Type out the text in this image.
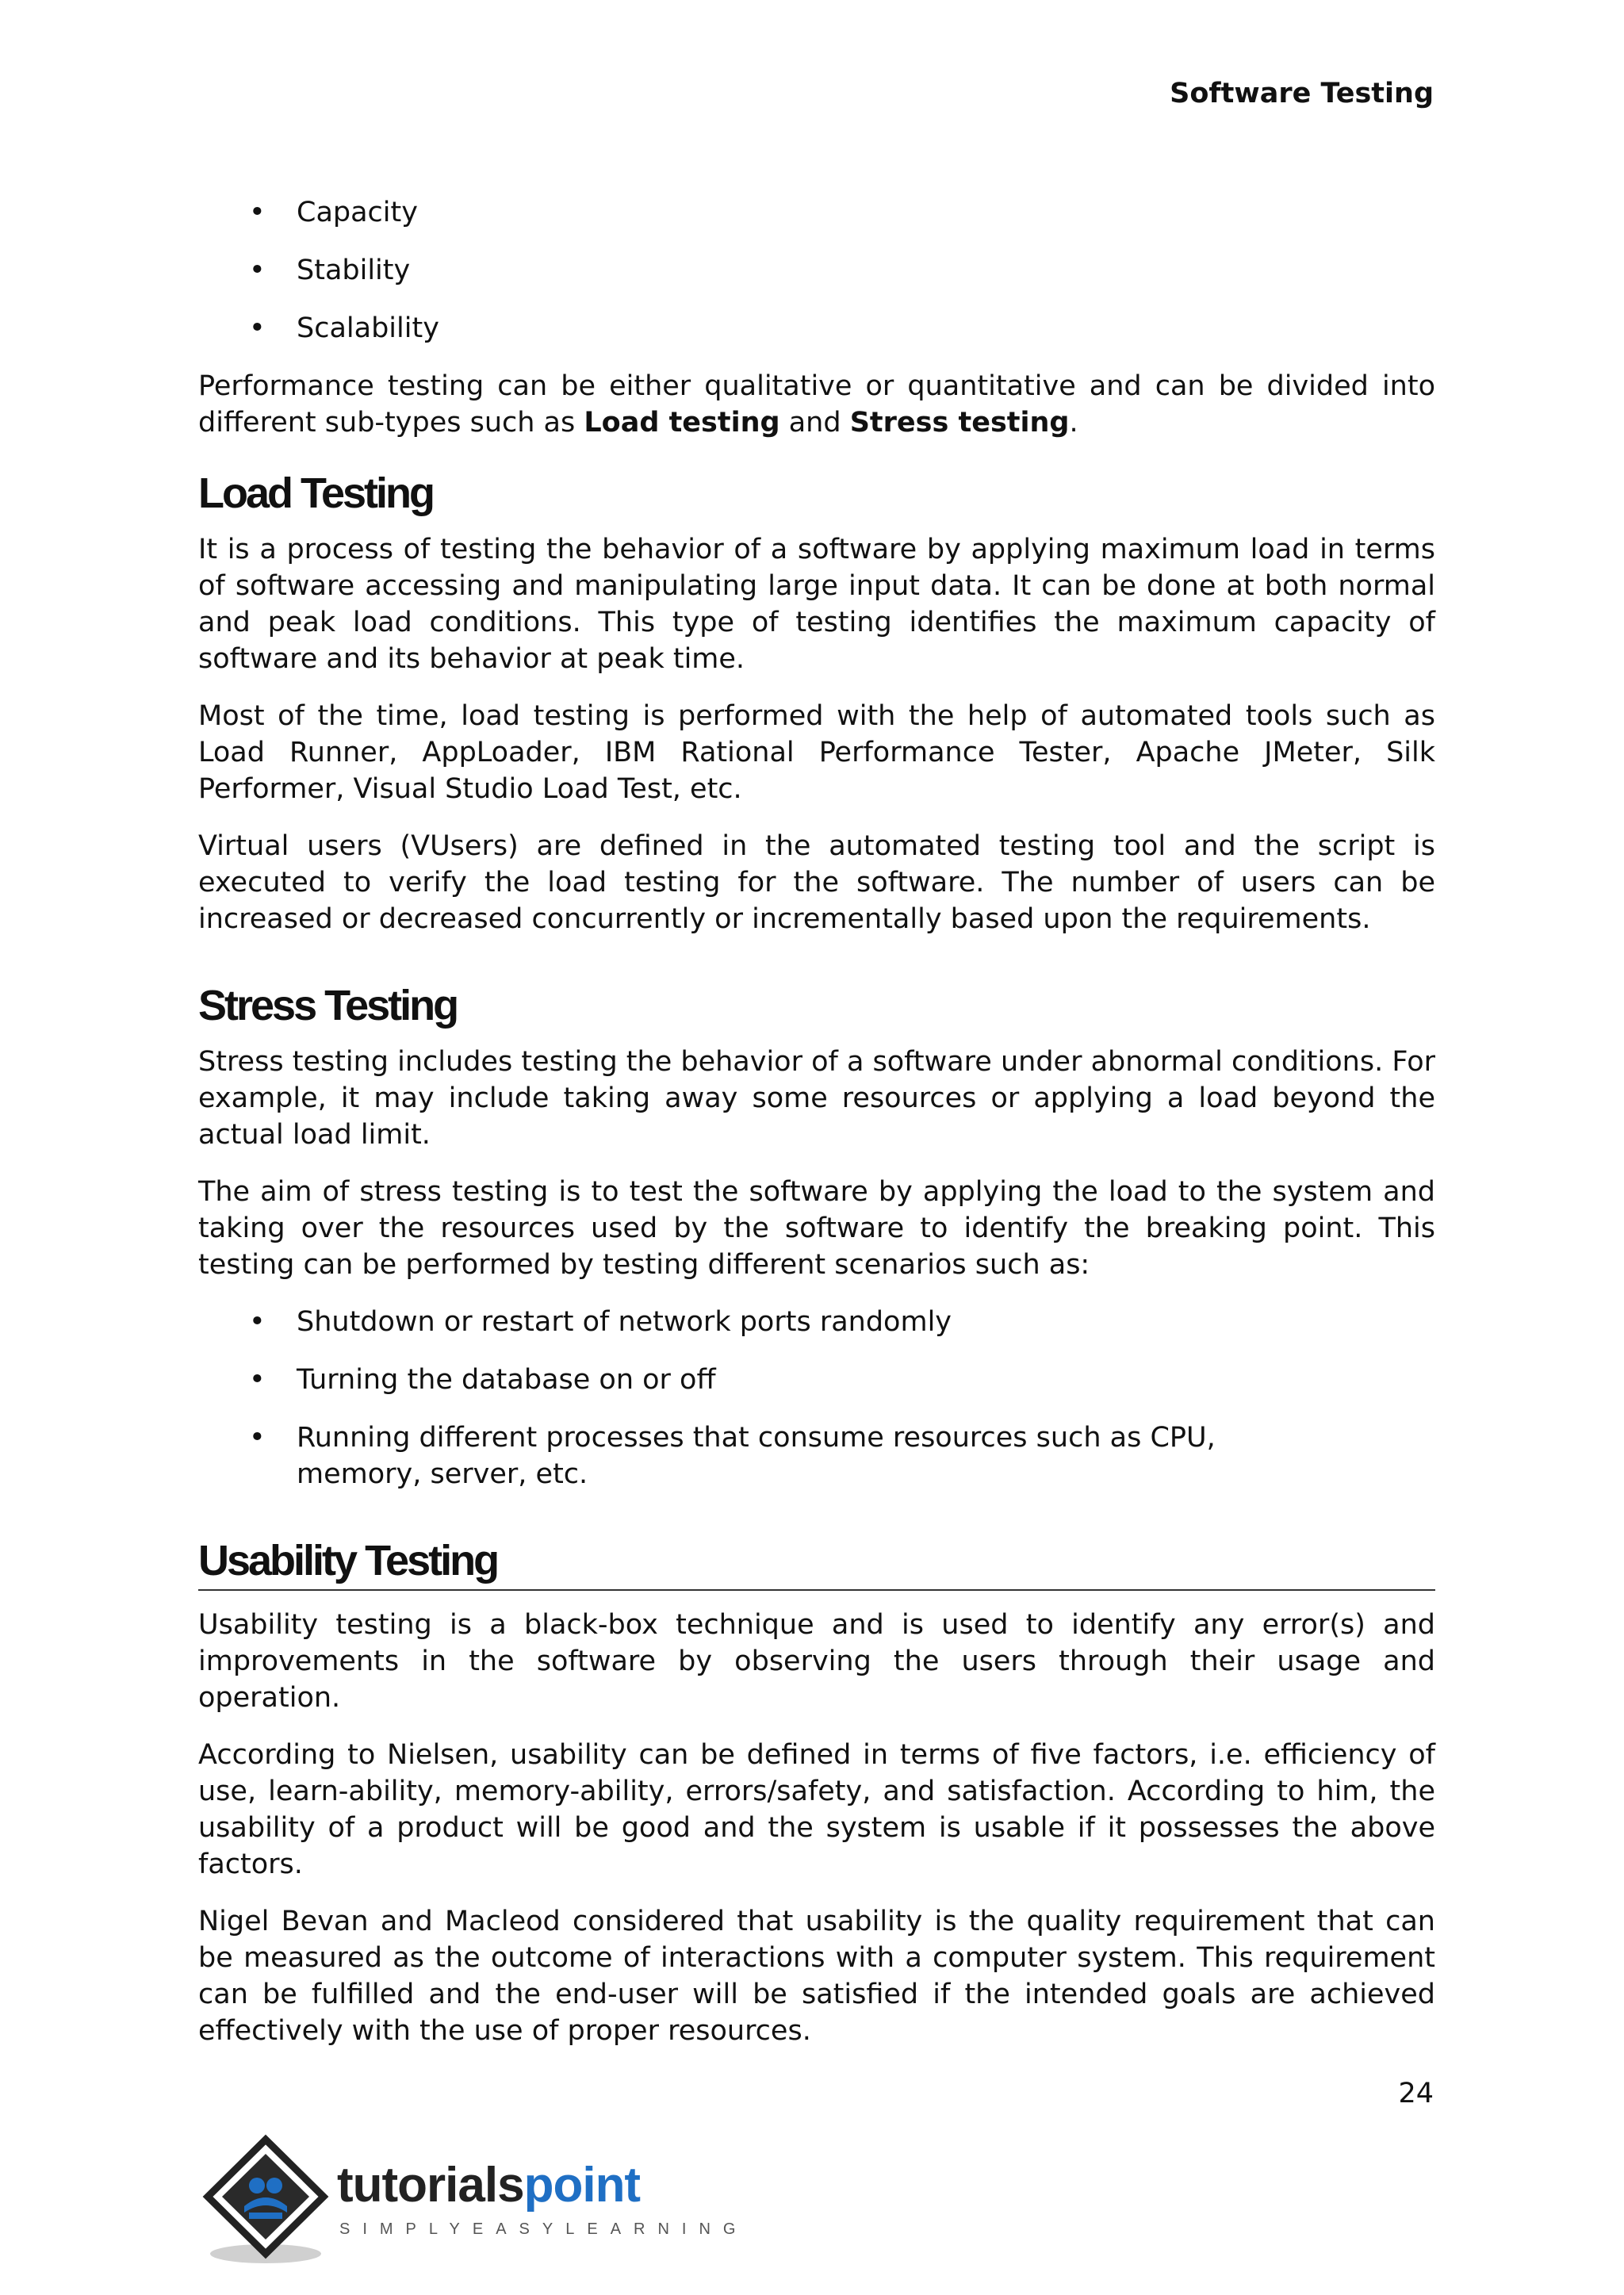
Software Testing
• Capacity
• Stability
• Scalability

Performance testing can be either qualitative or quantitative and can be divided into different sub-types such as Load testing and Stress testing.

Load Testing

It is a process of testing the behavior of a software by applying maximum load in terms of software accessing and manipulating large input data. It can be done at both normal and peak load conditions. This type of testing identifies the maximum capacity of software and its behavior at peak time.

Most of the time, load testing is performed with the help of automated tools such as Load Runner, AppLoader, IBM Rational Performance Tester, Apache JMeter, Silk Performer, Visual Studio Load Test, etc.

Virtual users (VUsers) are defined in the automated testing tool and the script is executed to verify the load testing for the software. The number of users can be increased or decreased concurrently or incrementally based upon the requirements.

Stress Testing

Stress testing includes testing the behavior of a software under abnormal conditions. For example, it may include taking away some resources or applying a load beyond the actual load limit.

The aim of stress testing is to test the software by applying the load to the system and taking over the resources used by the software to identify the breaking point. This testing can be performed by testing different scenarios such as:

• Shutdown or restart of network ports randomly
• Turning the database on or off
• Running different processes that consume resources such as CPU, memory, server, etc.
Usability Testing

Usability testing is a black-box technique and is used to identify any error(s) and improvements in the software by observing the users through their usage and operation.

According to Nielsen, usability can be defined in terms of five factors, i.e. efficiency of use, learn-ability, memory-ability, errors/safety, and satisfaction. According to him, the usability of a product will be good and the system is usable if it possesses the above factors.

Nigel Bevan and Macleod considered that usability is the quality requirement that can be measured as the outcome of interactions with a computer system. This requirement can be fulfilled and the end-user will be satisfied if the intended goals are achieved effectively with the use of proper resources.

24
tutorialspoint
SIMPLYEASYLEARNING
